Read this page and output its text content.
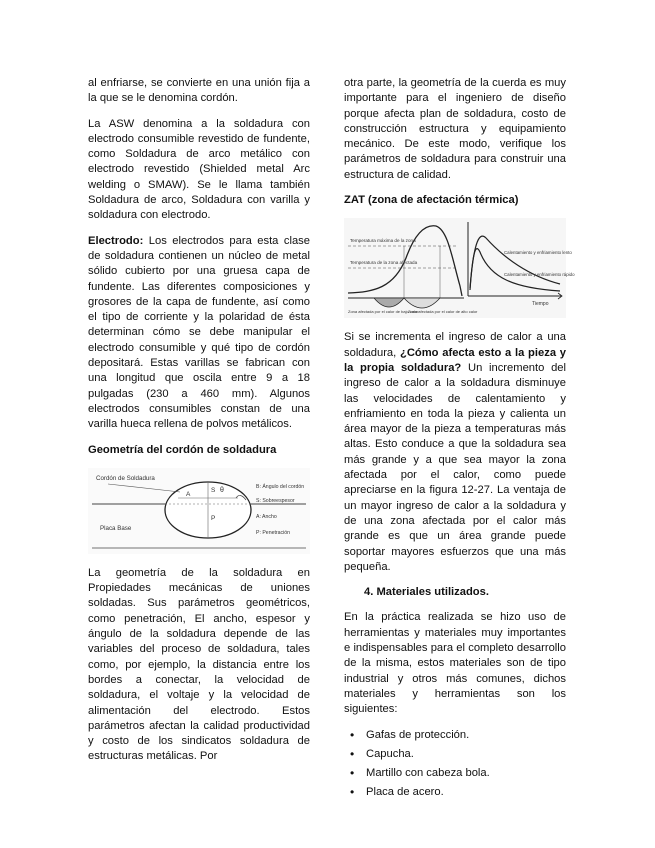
al enfriarse, se convierte en una unión fija a la que se le denomina cordón.

La ASW denomina a la soldadura con electrodo consumible revestido de fundente, como Soldadura de arco metálico con electrodo revestido (Shielded metal Arc welding o SMAW). Se le llama también Soldadura de arco, Soldadura con varilla y soldadura con electrodo.

Electrodo: Los electrodos para esta clase de soldadura contienen un núcleo de metal sólido cubierto por una gruesa capa de fundente. Las diferentes composiciones y grosores de la capa de fundente, así como el tipo de corriente y la polaridad de ésta determinan cómo se debe manipular el electrodo consumible y qué tipo de cordón depositará. Estas varillas se fabrican con una longitud que oscila entre 9 a 18 pulgadas (230 a 460 mm). Algunos electrodos consumibles constan de una varilla hueca rellena de polvos metálicos.

Geometría del cordón de soldadura
Cordón de Soldadura
Placa Base
θ
A
S
P
B: Ángulo del cordón
S: Sobreespesor
A: Ancho
P: Penetración

La geometría de la soldadura en Propiedades mecánicas de uniones soldadas. Sus parámetros geométricos, como penetración, El ancho, espesor y ángulo de la soldadura depende de las variables del proceso de soldadura, tales como, por ejemplo, la distancia entre los bordes a conectar, la velocidad de soldadura, el voltaje y la velocidad de alimentación del electrodo. Estos parámetros afectan la calidad productividad y costo de los sindicatos soldadura de estructuras metálicas. Por

otra parte, la geometría de la cuerda es muy importante para el ingeniero de diseño porque afecta plan de soldadura, costo de construcción estructura y equipamiento mecánico. De este modo, verifique los parámetros de soldadura para construir una estructura de calidad.

ZAT (zona de afectación térmica)
Temperatura máxima de la zona
Temperatura de la zona afectada
Calentamiento y enfriamiento lento
Calentamiento y enfriamiento rápido
Tiempo
Zona afectada por el calor de bajo calor
Zona afectada por el calor de alto calor

Si se incrementa el ingreso de calor a una soldadura, ¿Cómo afecta esto a la pieza y la propia soldadura? Un incremento del ingreso de calor a la soldadura disminuye las velocidades de calentamiento y enfriamiento en toda la pieza y calienta un área mayor de la pieza a temperaturas más altas. Esto conduce a que la soldadura sea más grande y a que sea mayor la zona afectada por el calor, como puede apreciarse en la figura 12-27. La ventaja de un mayor ingreso de calor a la soldadura y de una zona afectada por el calor más grande es que un área grande puede soportar mayores esfuerzos que una más pequeña.

4. Materiales utilizados.

En la práctica realizada se hizo uso de herramientas y materiales muy importantes e indispensables para el completo desarrollo de la misma, estos materiales son de tipo industrial y otros más comunes, dichos materiales y herramientas son los siguientes:

• Gafas de protección.
• Capucha.
• Martillo con cabeza bola.
• Placa de acero.
